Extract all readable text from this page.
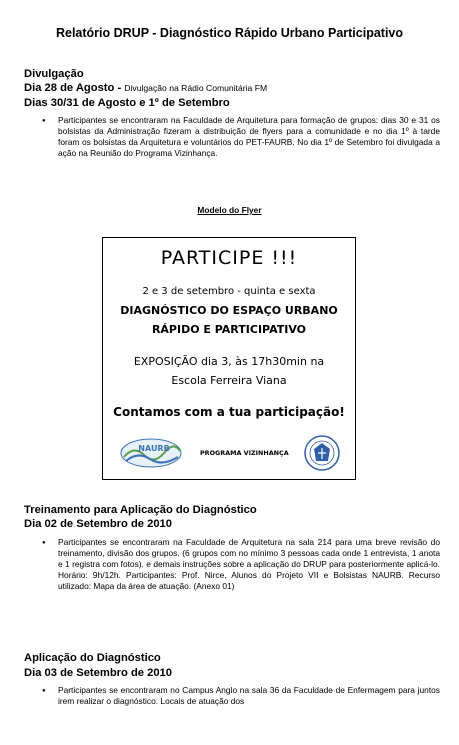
Relatório DRUP - Diagnóstico Rápido Urbano Participativo
Divulgação
Dia 28 de Agosto - Divulgação na Rádio Comunitária FM
Dias 30/31 de Agosto e 1º de Setembro
● Participantes se encontraram na Faculdade de Arquitetura para formação de grupos: dias 30 e 31 os bolsistas da Administração fizeram a distribuição de flyers para a comunidade e no dia 1º à tarde foram os bolsistas da Arquitetura e voluntários do PET-FAURB. No dia 1º de Setembro foi divulgada a ação na Reunião do Programa Vizinhança.
Modelo do Flyer
PARTICIPE !!!
2 e 3 de setembro - quinta e sexta
DIAGNÓSTICO DO ESPAÇO URBANO
RÁPIDO E PARTICIPATIVO
EXPOSIÇÃO dia 3, às 17h30min na
Escola Ferreira Viana
Contamos com a tua participação!
NAURB	PROGRAMA VIZINHANÇA
Treinamento para Aplicação do Diagnóstico
Dia 02 de Setembro de 2010
● Participantes se encontraram na Faculdade de Arquitetura na sala 214 para uma breve revisão do treinamento, divisão dos grupos. (6 grupos com no mínimo 3 pessoas cada onde 1 entrevista, 1 anota e 1 registra com fotos). e demais instruções sobre a aplicação do DRUP para posteriormente aplicá-lo. Horário: 9h/12h. Participantes: Prof. Nirce, Alunos do Projeto VII e Bolsistas NAURB. Recurso utilizado: Mapa da área de atuação. (Anexo 01)
Aplicação do Diagnóstico
Dia 03 de Setembro de 2010
● Participantes se encontraram no Campus Anglo na sala 36 da Faculdade de Enfermagem para juntos irem realizar o diagnóstico. Locais de atuação dos
